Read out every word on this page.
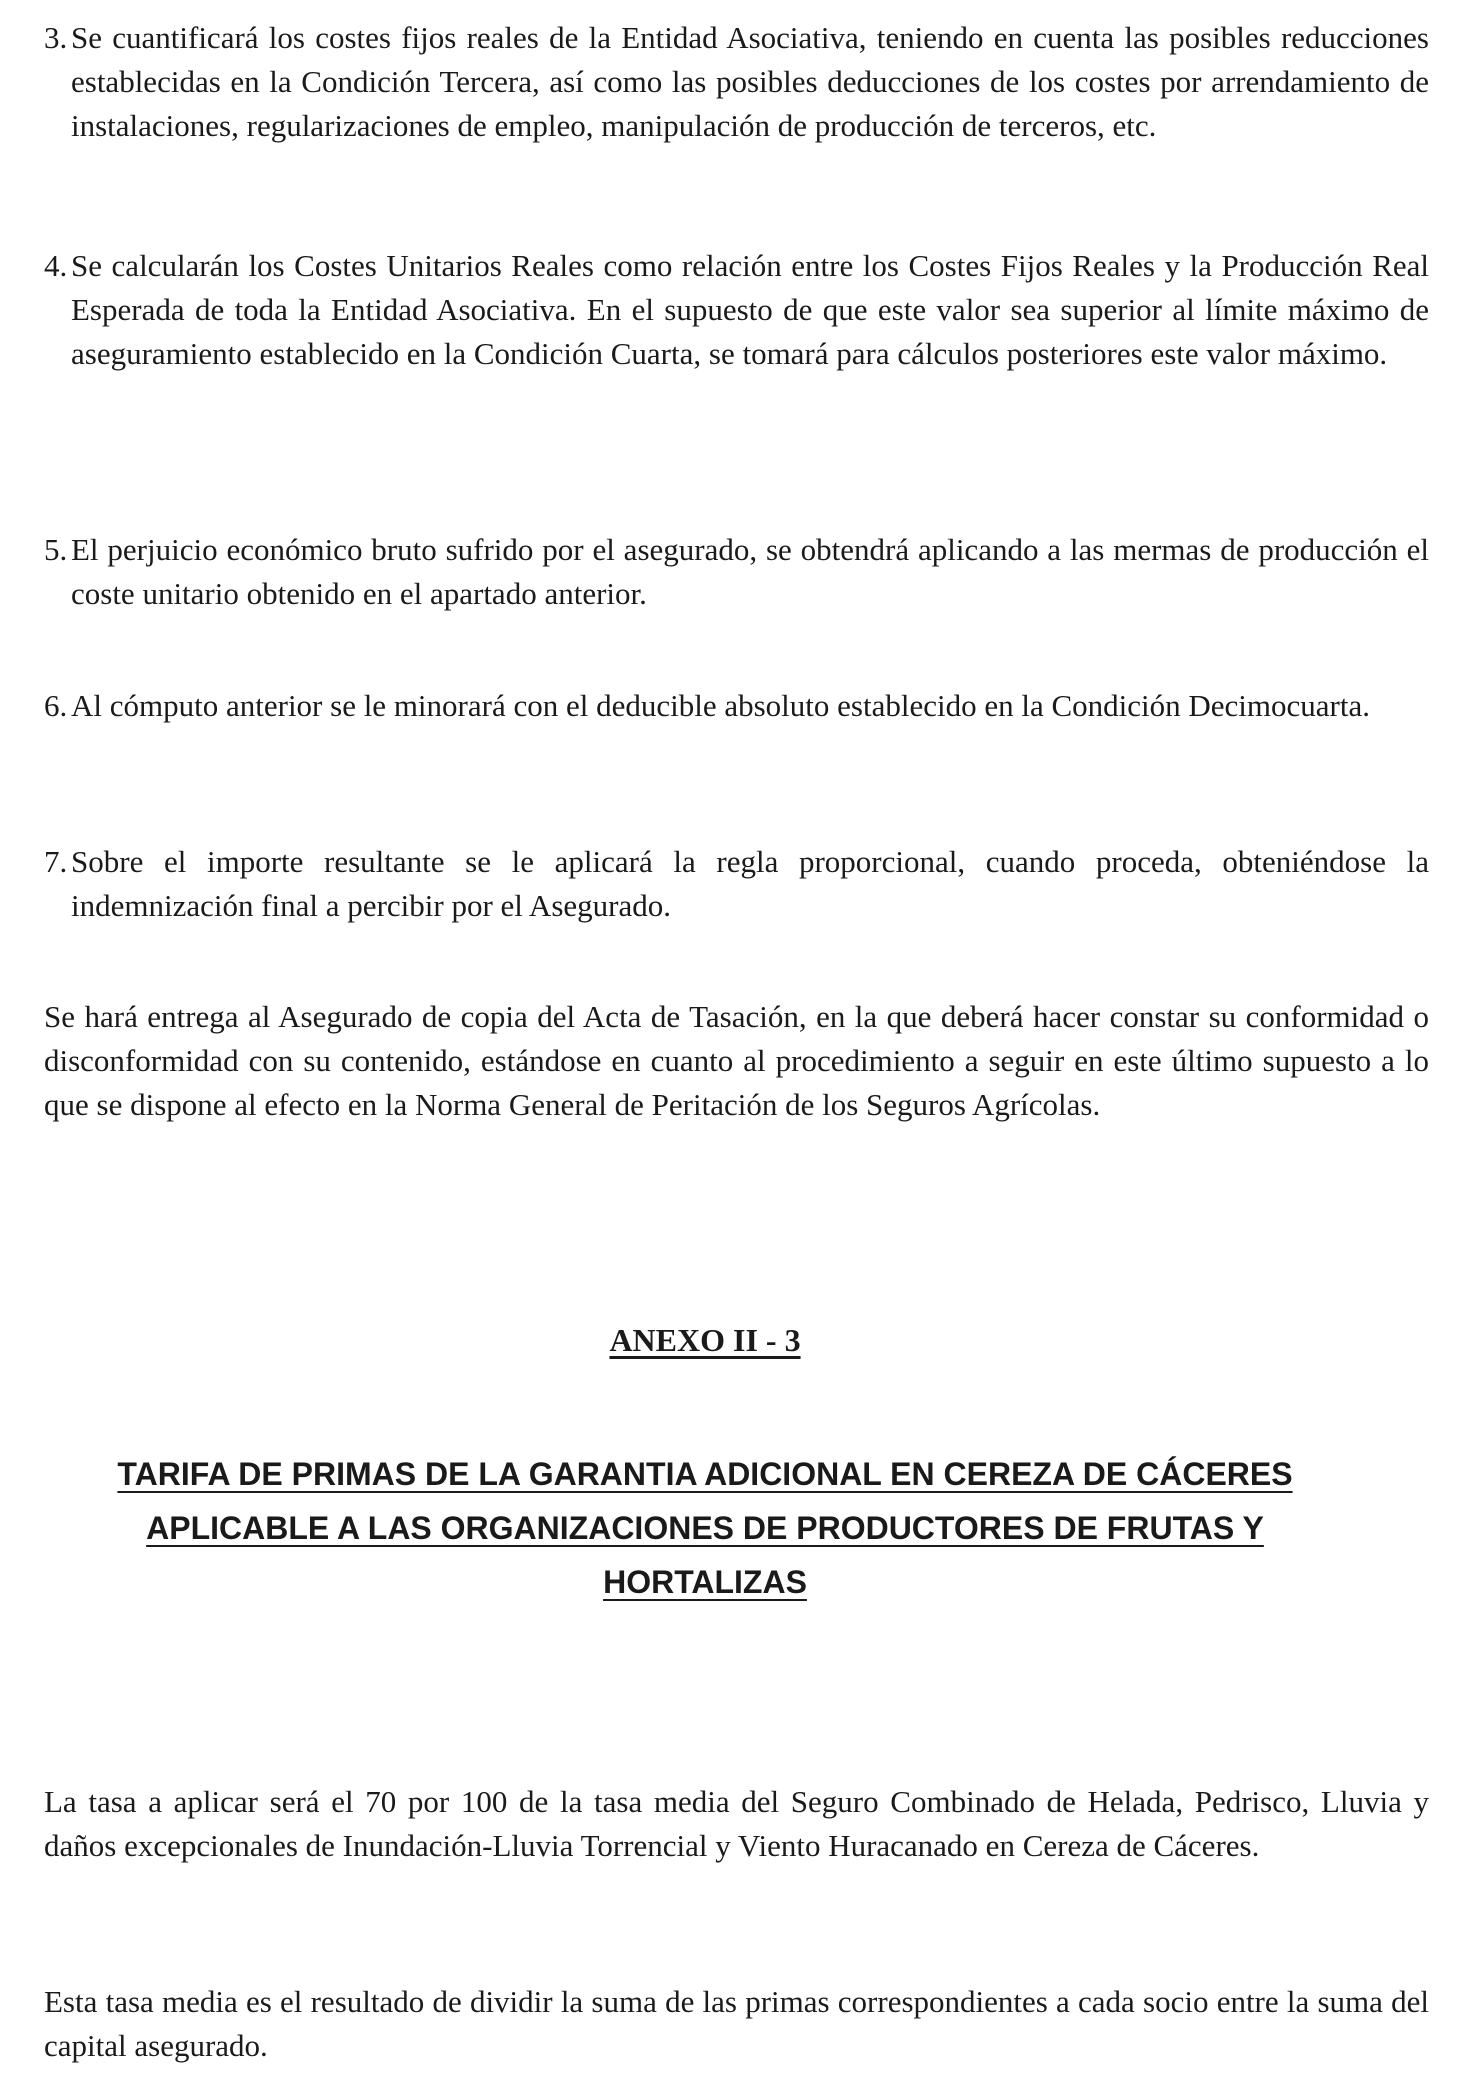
3. Se cuantificará los costes fijos reales de la Entidad Asociativa, teniendo en cuenta las posibles reducciones establecidas en la Condición Tercera, así como las posibles deducciones de los costes por arrendamiento de instalaciones, regularizaciones de empleo, manipulación de producción de terceros, etc.
4. Se calcularán los Costes Unitarios Reales como relación entre los Costes Fijos Reales y la Producción Real Esperada de toda la Entidad Asociativa. En el supuesto de que este valor sea superior al límite máximo de aseguramiento establecido en la Condición Cuarta, se tomará para cálculos posteriores este valor máximo.
5. El perjuicio económico bruto sufrido por el asegurado, se obtendrá aplicando a las mermas de producción el coste unitario obtenido en el apartado anterior.
6. Al cómputo anterior se le minorará con el deducible absoluto establecido en la Condición Decimocuarta.
7. Sobre el importe resultante se le aplicará la regla proporcional, cuando proceda, obteniéndose la indemnización final a percibir por el Asegurado.
Se hará entrega al Asegurado de copia del Acta de Tasación, en la que deberá hacer constar su conformidad o disconformidad con su contenido, estándose en cuanto al procedimiento a seguir en este último supuesto a lo que se dispone al efecto en la Norma General de Peritación de los Seguros Agrícolas.
ANEXO II - 3
TARIFA DE PRIMAS DE LA GARANTIA ADICIONAL EN CEREZA DE CÁCERES
APLICABLE A LAS ORGANIZACIONES DE PRODUCTORES DE FRUTAS Y
HORTALIZAS
La tasa a aplicar será el 70 por 100 de la tasa media del Seguro Combinado de Helada, Pedrisco, Lluvia y daños excepcionales de Inundación-Lluvia Torrencial y Viento Huracanado en Cereza de Cáceres.
Esta tasa media es el resultado de dividir la suma de las primas correspondientes a cada socio entre la suma del capital asegurado.
